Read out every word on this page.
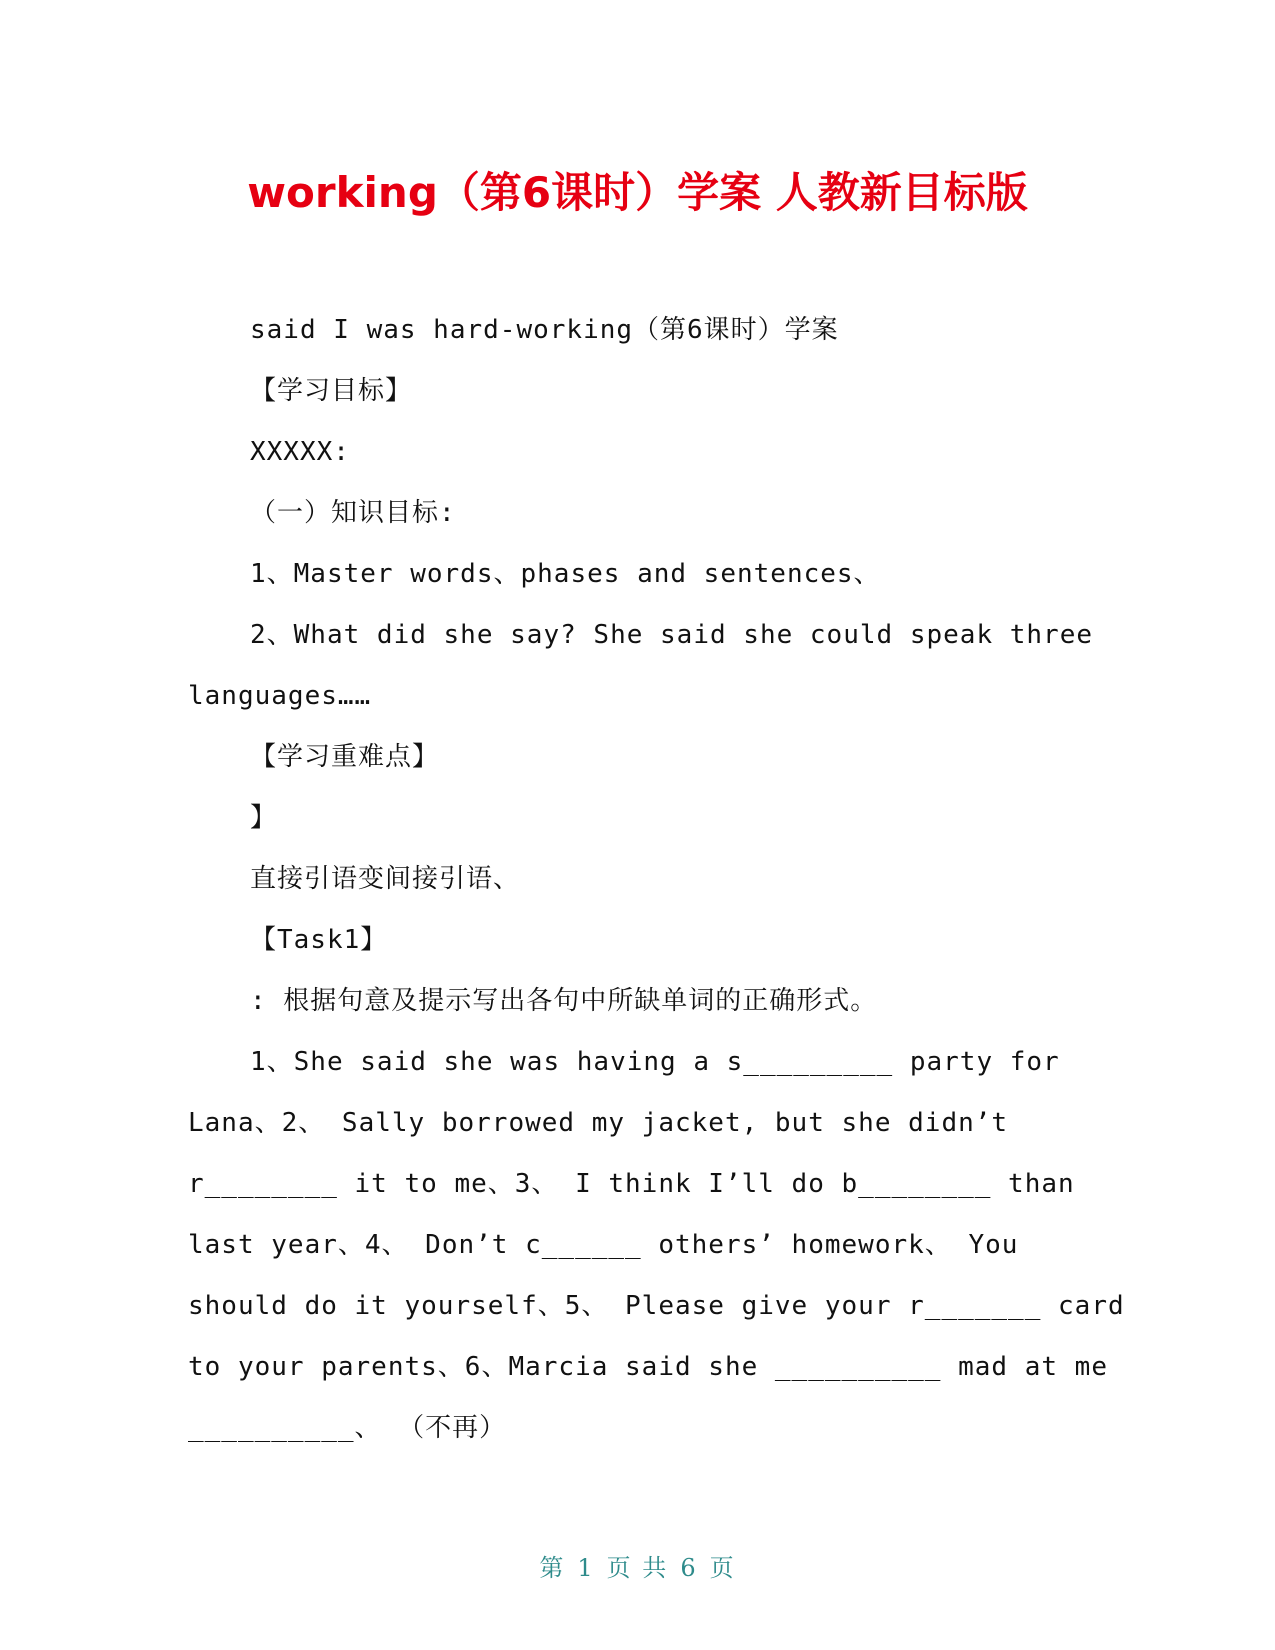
working（第6课时）学案 人教新目标版
said I was hard-working（第6课时）学案
【学习目标】
XXXXX:
（一）知识目标:
1、Master words、phases and sentences、
2、What did she say? She said she could speak three
languages……
【学习重难点】
】
直接引语变间接引语、
【Task1】
: 根据句意及提示写出各句中所缺单词的正确形式。
1、She said she was having a s_________ party for
Lana、2、 Sally borrowed my jacket, but she didn’t
r________ it to me、3、 I think I’ll do b________ than
last year、4、 Don’t c______ others’ homework、 You
should do it yourself、5、 Please give your r_______ card
to your parents、6、Marcia said she __________ mad at me
__________、 （不再）
第 1 页 共 6 页
